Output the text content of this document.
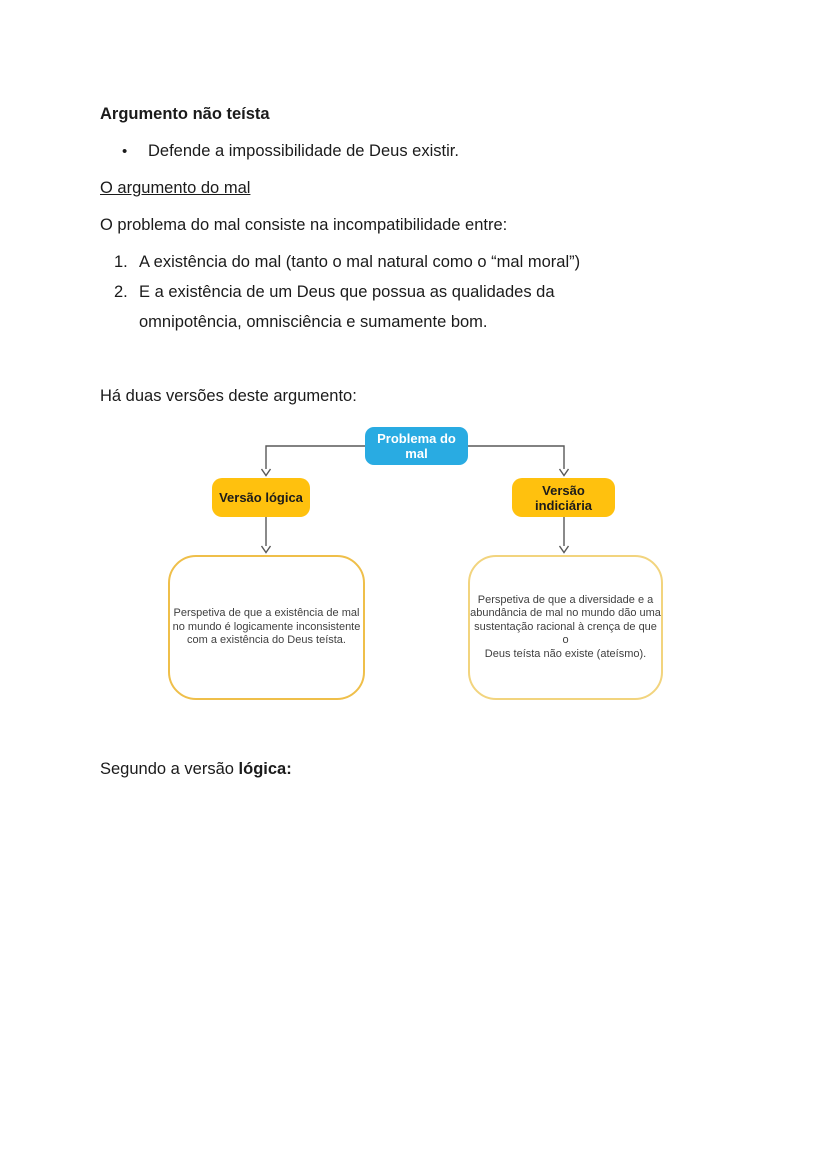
Argumento não teísta
• Defende a impossibilidade de Deus existir.
O argumento do mal
O problema do mal consiste na incompatibilidade entre:
1. A existência do mal (tanto o mal natural como o “mal moral”)
2. E a existência de um Deus que possua as qualidades da
omnipotência, omnisciência e sumamente bom.
Há duas versões deste argumento:
Problema do mal
Versão lógica	Versão indiciária
Perspetiva de que a existência de mal
no mundo é logicamente inconsistente
com a existência do Deus teísta.
Perspetiva de que a diversidade e a
abundância de mal no mundo dão uma
sustentação racional à crença de que o
Deus teísta não existe (ateísmo).
Segundo a versão lógica:
